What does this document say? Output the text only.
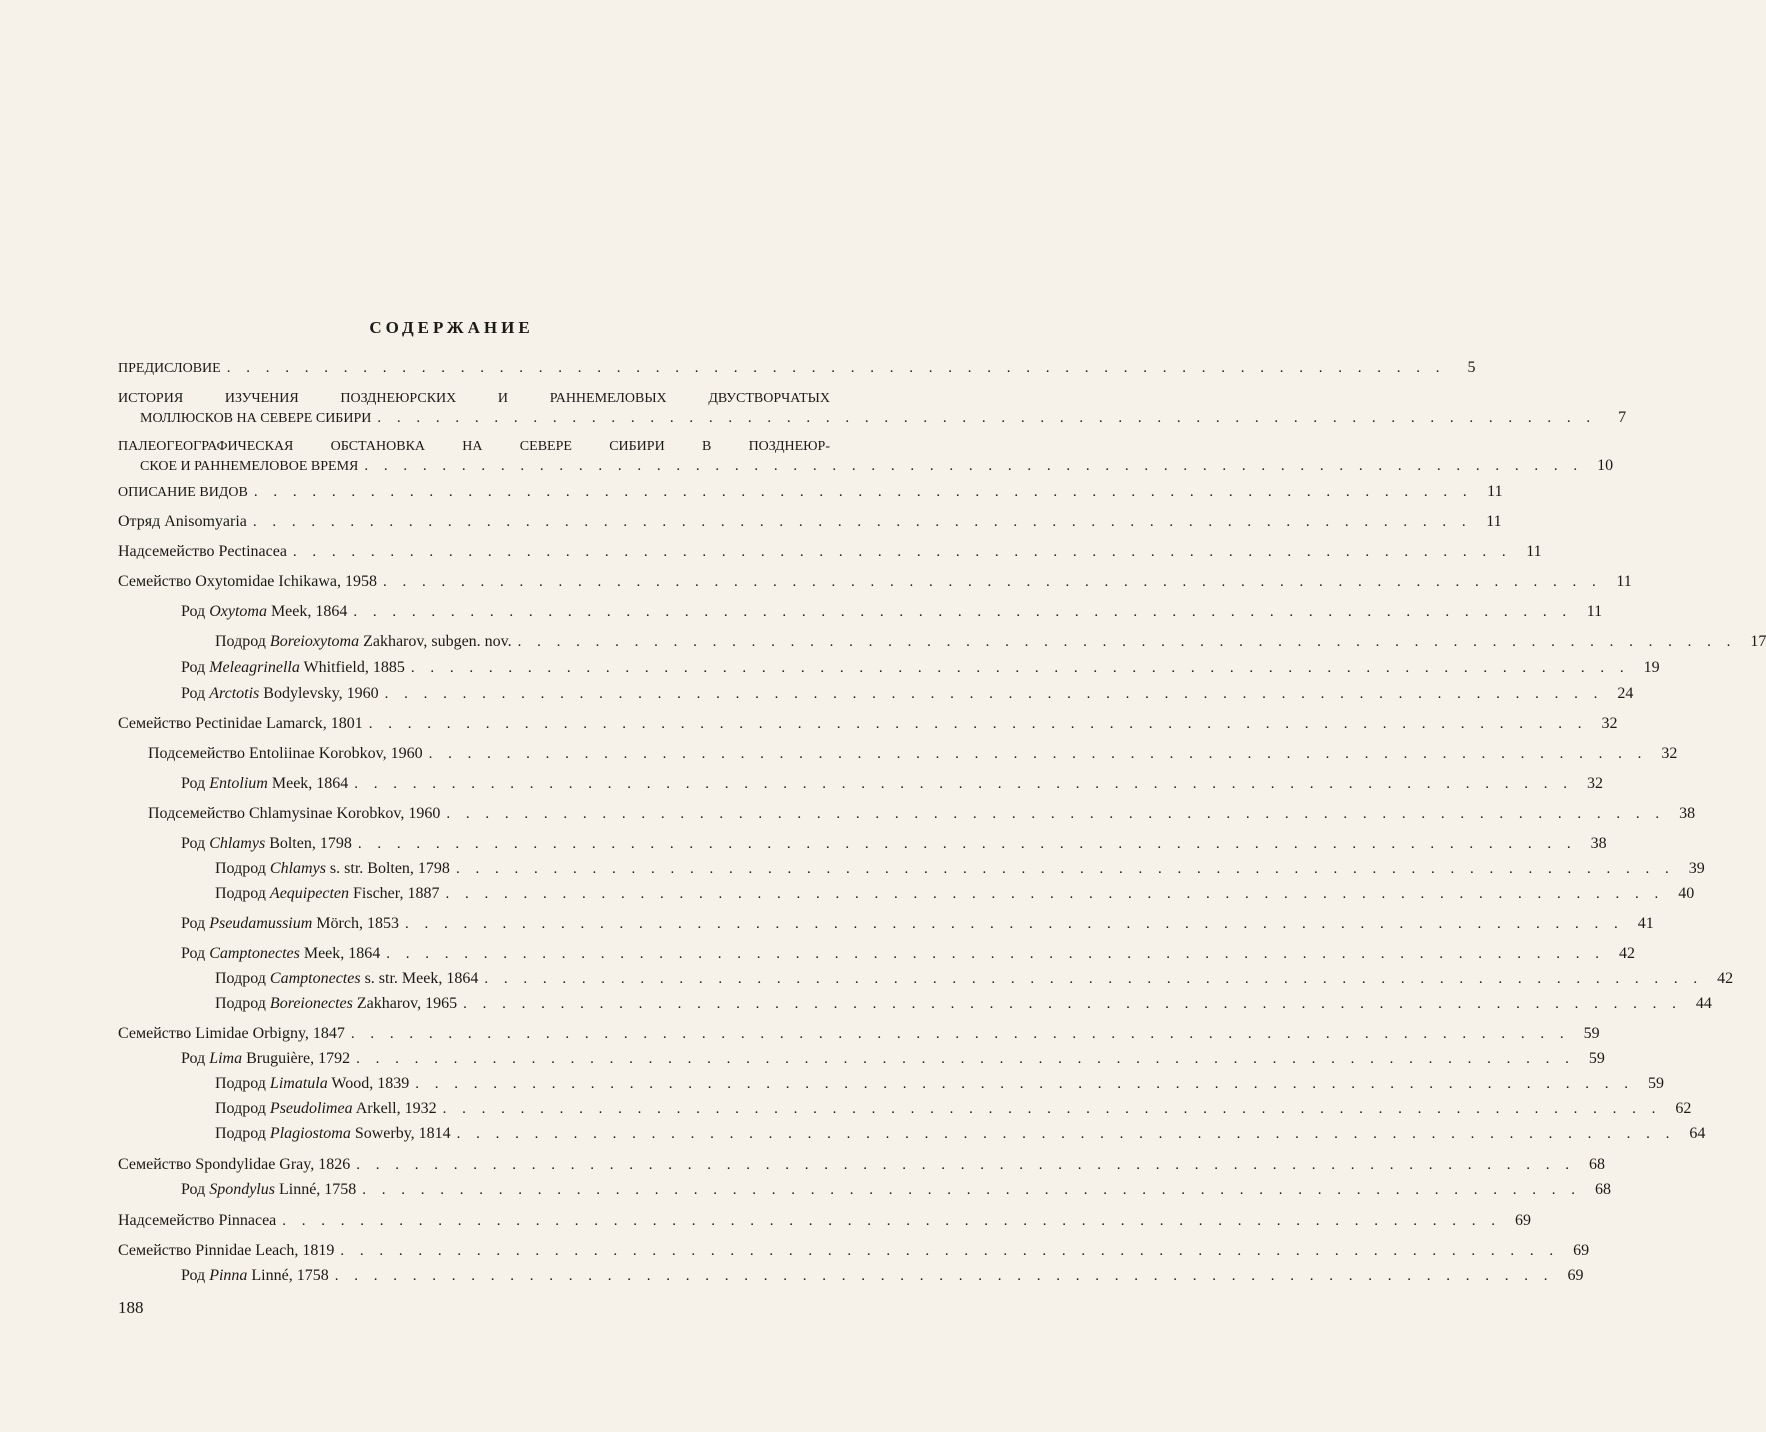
СОДЕРЖАНИЕ
ПРЕДИСЛОВИЕ . . . . . . . . . . . . . . . . . . . . . . . . . . . . . . . . . . . . . . . . . . . . . . . . . . . . . . . . . . . . . . .	5
ИСТОРИЯ ИЗУЧЕНИЯ ПОЗДНЕЮРСКИХ И РАННЕМЕЛОВЫХ ДВУСТВОРЧАТЫХ
МОЛЛЮСКОВ НА СЕВЕРЕ СИБИРИ . . . . . . . . . . . . . . . . . . . . . . . . . . . . . . . . . . . . . . . . . . . . . . . . . . . . . . . . . . . . . . .	7
ПАЛЕОГЕОГРАФИЧЕСКАЯ ОБСТАНОВКА НА СЕВЕРЕ СИБИРИ В ПОЗДНЕЮР-
СКОЕ И РАННЕМЕЛОВОЕ ВРЕМЯ . . . . . . . . . . . . . . . . . . . . . . . . . . . . . . . . . . . . . . . . . . . . . . . . . . . . . . . . . . . . . . . 10
ОПИСАНИЕ ВИДОВ . . . . . . . . . . . . . . . . . . . . . . . . . . . . . . . . . . . . . . . . . . . . . . . . . . . . . . . . . . . . . . . 11
Отряд Anisomyaria . . . . . . . . . . . . . . . . . . . . . . . . . . . . . . . . . . . . . . . . . . . . . . . . . . . . . . . . . . . . . . . 11
Надсемейство Pectinacea . . . . . . . . . . . . . . . . . . . . . . . . . . . . . . . . . . . . . . . . . . . . . . . . . . . . . . . . . . . . . . . 11
Семейство Oxytomidae Ichikawa, 1958 . . . . . . . . . . . . . . . . . . . . . . . . . . . . . . . . . . . . . . . . . . . . . . . . . . . . . . . . . . . . . . . 11
Род Oxytoma Meek, 1864 . . . . . . . . . . . . . . . . . . . . . . . . . . . . . . . . . . . . . . . . . . . . . . . . . . . . . . . . . . . . . . . 11
Подрод Boreioxytoma Zakharov, subgen. nov. . . . . . . . . . . . . . . . . . . . . . . . . . . . . . . . . . . . . . . . . . . . . . . . . . . . . . . . . . . . . . . . 17
Род Meleagrinella Whitfield, 1885 . . . . . . . . . . . . . . . . . . . . . . . . . . . . . . . . . . . . . . . . . . . . . . . . . . . . . . . . . . . . . . . 19
Род Arctotis Bodylevsky, 1960 . . . . . . . . . . . . . . . . . . . . . . . . . . . . . . . . . . . . . . . . . . . . . . . . . . . . . . . . . . . . . . . 24
Семейство Pectinidae Lamarck, 1801 . . . . . . . . . . . . . . . . . . . . . . . . . . . . . . . . . . . . . . . . . . . . . . . . . . . . . . . . . . . . . . . 32
Подсемейство Entoliinae Korobkov, 1960 . . . . . . . . . . . . . . . . . . . . . . . . . . . . . . . . . . . . . . . . . . . . . . . . . . . . . . . . . . . . . . . 32
Род Entolium Meek, 1864 . . . . . . . . . . . . . . . . . . . . . . . . . . . . . . . . . . . . . . . . . . . . . . . . . . . . . . . . . . . . . . . 32
Подсемейство Chlamysinae Korobkov, 1960 . . . . . . . . . . . . . . . . . . . . . . . . . . . . . . . . . . . . . . . . . . . . . . . . . . . . . . . . . . . . . . . 38
Род Chlamys Bolten, 1798 . . . . . . . . . . . . . . . . . . . . . . . . . . . . . . . . . . . . . . . . . . . . . . . . . . . . . . . . . . . . . . . 38
Подрод Chlamys s. str. Bolten, 1798 . . . . . . . . . . . . . . . . . . . . . . . . . . . . . . . . . . . . . . . . . . . . . . . . . . . . . . . . . . . . . . . 39
Подрод Aequipecten Fischer, 1887 . . . . . . . . . . . . . . . . . . . . . . . . . . . . . . . . . . . . . . . . . . . . . . . . . . . . . . . . . . . . . . . 40
Род Pseudamussium Mörch, 1853 . . . . . . . . . . . . . . . . . . . . . . . . . . . . . . . . . . . . . . . . . . . . . . . . . . . . . . . . . . . . . . . 41
Род Camptonectes Meek, 1864 . . . . . . . . . . . . . . . . . . . . . . . . . . . . . . . . . . . . . . . . . . . . . . . . . . . . . . . . . . . . . . . 42
Подрод Camptonectes s. str. Meek, 1864 . . . . . . . . . . . . . . . . . . . . . . . . . . . . . . . . . . . . . . . . . . . . . . . . . . . . . . . . . . . . . . . 42
Подрод Boreionectes Zakharov, 1965 . . . . . . . . . . . . . . . . . . . . . . . . . . . . . . . . . . . . . . . . . . . . . . . . . . . . . . . . . . . . . . . 44
Семейство Limidae Orbigny, 1847 . . . . . . . . . . . . . . . . . . . . . . . . . . . . . . . . . . . . . . . . . . . . . . . . . . . . . . . . . . . . . . . 59
Род Lima Bruguière, 1792 . . . . . . . . . . . . . . . . . . . . . . . . . . . . . . . . . . . . . . . . . . . . . . . . . . . . . . . . . . . . . . . 59
Подрод Limatula Wood, 1839 . . . . . . . . . . . . . . . . . . . . . . . . . . . . . . . . . . . . . . . . . . . . . . . . . . . . . . . . . . . . . . . 59
Подрод Pseudolimea Arkell, 1932 . . . . . . . . . . . . . . . . . . . . . . . . . . . . . . . . . . . . . . . . . . . . . . . . . . . . . . . . . . . . . . . 62
Подрод Plagiostoma Sowerby, 1814 . . . . . . . . . . . . . . . . . . . . . . . . . . . . . . . . . . . . . . . . . . . . . . . . . . . . . . . . . . . . . . . 64
Семейство Spondylidae Gray, 1826 . . . . . . . . . . . . . . . . . . . . . . . . . . . . . . . . . . . . . . . . . . . . . . . . . . . . . . . . . . . . . . . 68
Род Spondylus Linné, 1758 . . . . . . . . . . . . . . . . . . . . . . . . . . . . . . . . . . . . . . . . . . . . . . . . . . . . . . . . . . . . . . . 68
Надсемейство Pinnacea . . . . . . . . . . . . . . . . . . . . . . . . . . . . . . . . . . . . . . . . . . . . . . . . . . . . . . . . . . . . . . . 69
Семейство Pinnidae Leach, 1819 . . . . . . . . . . . . . . . . . . . . . . . . . . . . . . . . . . . . . . . . . . . . . . . . . . . . . . . . . . . . . . . 69
Род Pinna Linné, 1758 . . . . . . . . . . . . . . . . . . . . . . . . . . . . . . . . . . . . . . . . . . . . . . . . . . . . . . . . . . . . . . . 69
188
